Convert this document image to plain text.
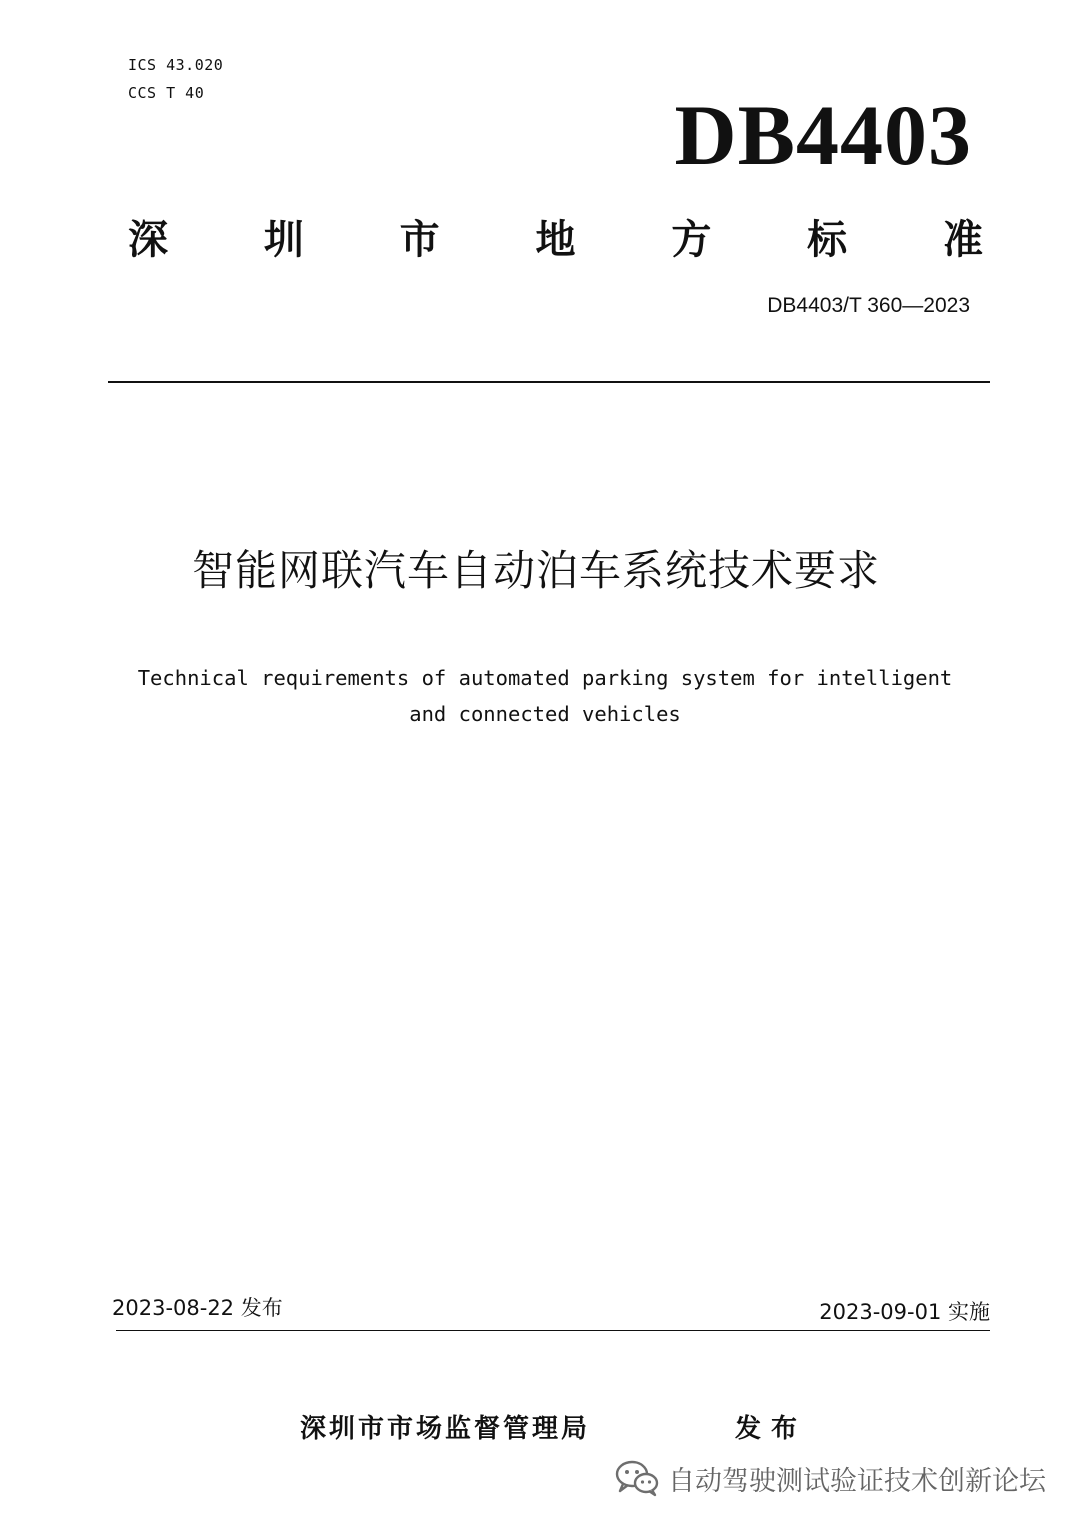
ICS 43.020
CCS T 40	DB4403
深 圳 市 地 方 标 准
DB4403/T 360—2023
智能网联汽车自动泊车系统技术要求
Technical requirements of automated parking system for intelligent
and connected vehicles
2023-08-22 发布	2023-09-01 实施
深圳市市场监督管理局	发布
自动驾驶测试验证技术创新论坛
